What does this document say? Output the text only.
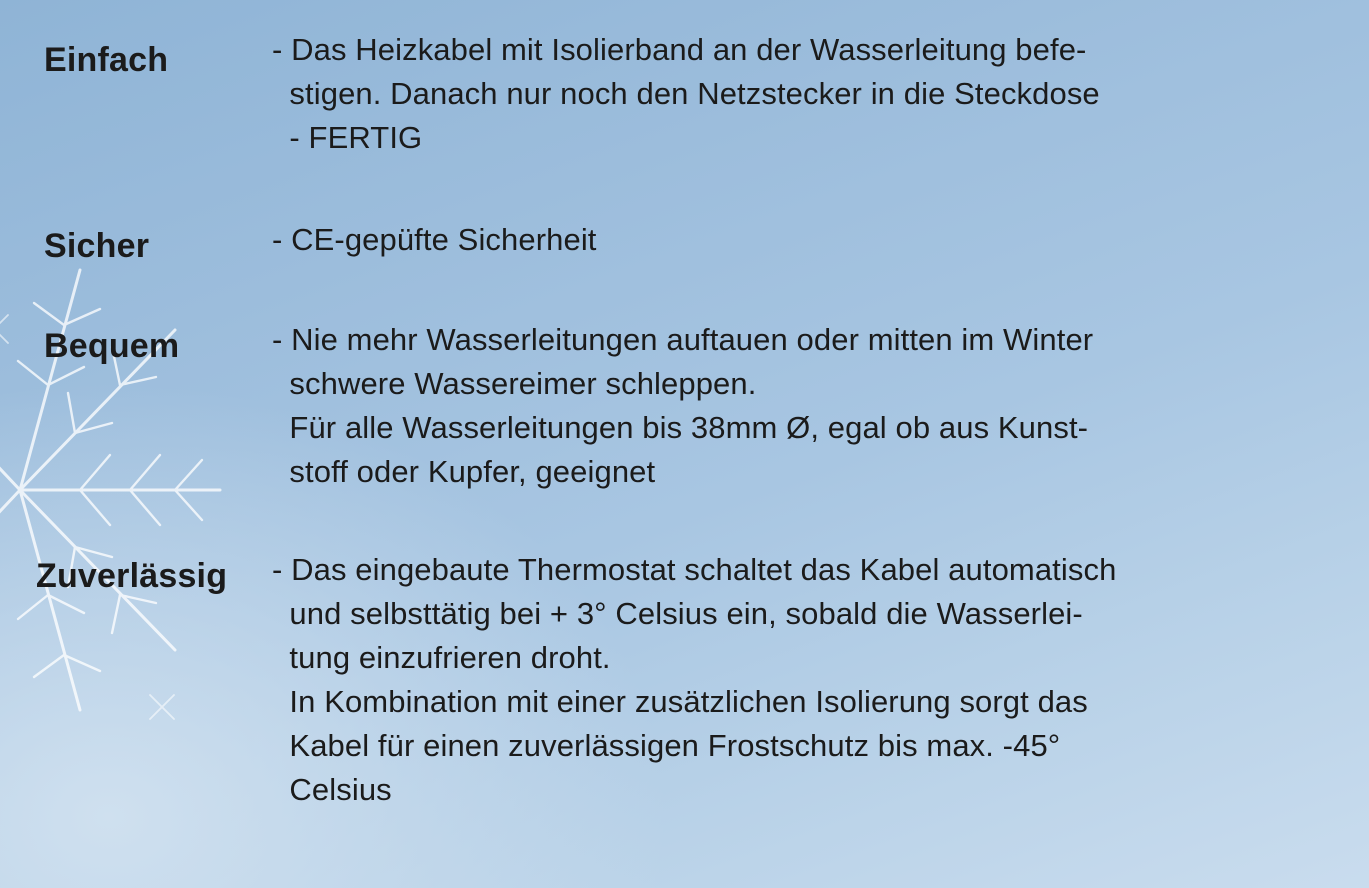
Einfach	- Das Heizkabel mit Isolierband an der Wasserleitung befe-
stigen. Danach nur noch den Netzstecker in die Steckdose
- FERTIG
Sicher	- CE-gepüfte Sicherheit
Bequem	- Nie mehr Wasserleitungen auftauen oder mitten im Winter
schwere Wassereimer schleppen.
Für alle Wasserleitungen bis 38mm Ø, egal ob aus Kunst-
stoff oder Kupfer, geeignet
Zuverlässig - Das eingebaute Thermostat schaltet das Kabel automatisch
und selbsttätig bei + 3° Celsius ein, sobald die Wasserlei-
tung einzufrieren droht.
In Kombination mit einer zusätzlichen Isolierung sorgt das
Kabel für einen zuverlässigen Frostschutz bis max. -45°
Celsius
